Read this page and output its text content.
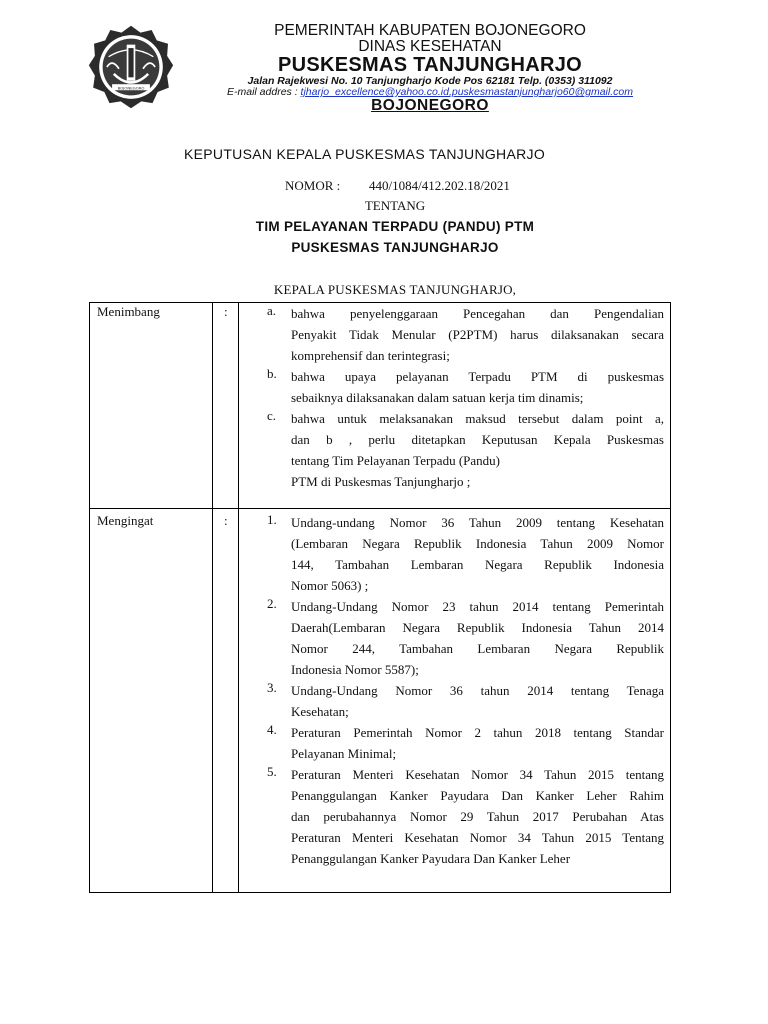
BOJONEGORO
PEMERINTAH KABUPATEN BOJONEGORO
DINAS KESEHATAN
PUSKESMAS TANJUNGHARJO
Jalan Rajekwesi No. 10 Tanjungharjo Kode Pos 62181 Telp. (0353) 311092
E-mail addres : tjharjo_excellence@yahoo.co.id,puskesmastanjungharjo60@gmail.com
BOJONEGORO
KEPUTUSAN KEPALA PUSKESMAS TANJUNGHARJO
NOMOR : 440/1084/412.202.18/2021
TENTANG
TIM PELAYANAN TERPADU (PANDU) PTM
PUSKESMAS TANJUNGHARJO
KEPALA PUSKESMAS TANJUNGHARJO,
Menimbang	:	a. bahwa penyelenggaraan Pencegahan dan Pengendalian
Penyakit Tidak Menular (P2PTM) harus dilaksanakan secara
komprehensif dan terintegrasi;
b. bahwa upaya pelayanan Terpadu PTM di puskesmas
sebaiknya dilaksanakan dalam satuan kerja tim dinamis;
c. bahwa untuk melaksanakan maksud tersebut dalam point a,
dan b , perlu ditetapkan Keputusan Kepala Puskesmas
tentang Tim Pelayanan Terpadu (Pandu)
PTM di Puskesmas Tanjungharjo ;
Mengingat	:	1. Undang-undang Nomor 36 Tahun 2009 tentang Kesehatan
(Lembaran Negara Republik Indonesia Tahun 2009 Nomor
144, Tambahan Lembaran Negara Republik Indonesia
Nomor 5063) ;
2. Undang-Undang Nomor 23 tahun 2014 tentang Pemerintah
Daerah(Lembaran Negara Republik Indonesia Tahun 2014
Nomor 244, Tambahan Lembaran Negara Republik
Indonesia Nomor 5587);
3. Undang-Undang Nomor 36 tahun 2014 tentang Tenaga
Kesehatan;
4. Peraturan Pemerintah Nomor 2 tahun 2018 tentang Standar
Pelayanan Minimal;
5. Peraturan Menteri Kesehatan Nomor 34 Tahun 2015 tentang
Penanggulangan Kanker Payudara Dan Kanker Leher Rahim
dan perubahannya Nomor 29 Tahun 2017 Perubahan Atas
Peraturan Menteri Kesehatan Nomor 34 Tahun 2015 Tentang
Penanggulangan Kanker Payudara Dan Kanker Leher
